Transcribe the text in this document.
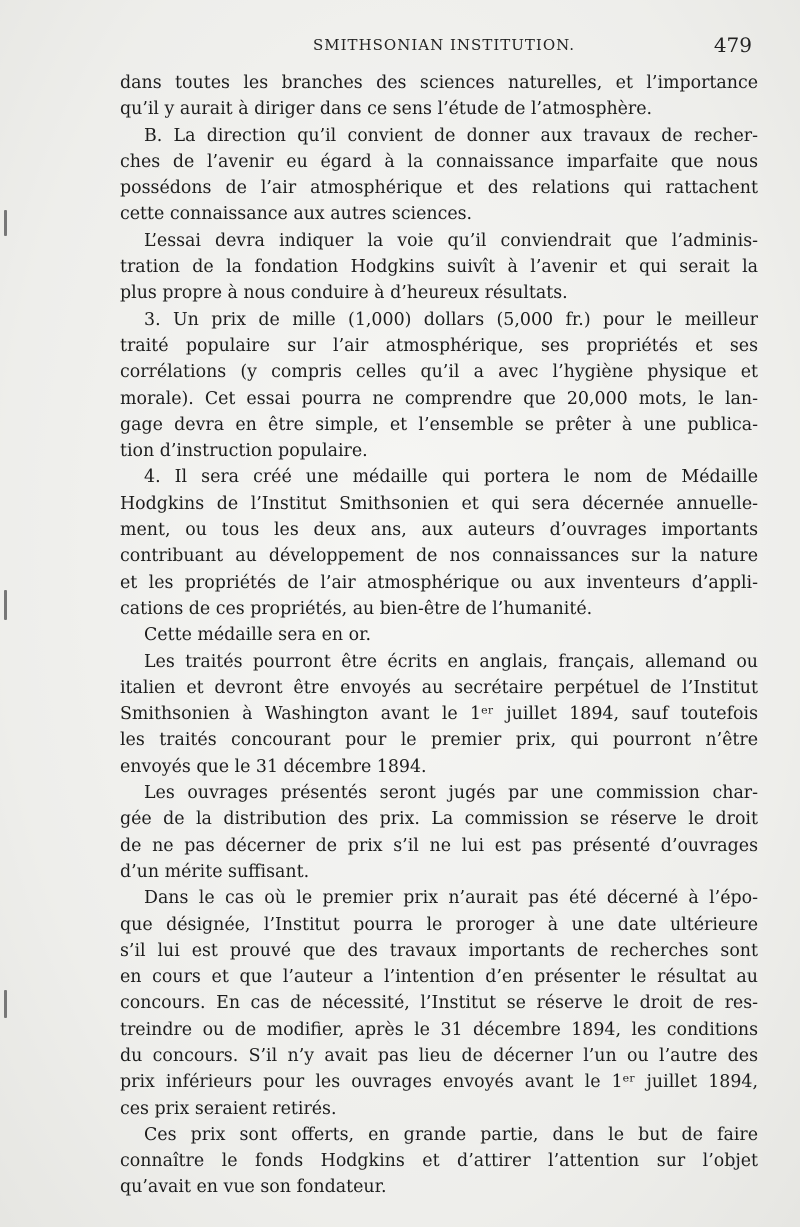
SMITHSONIAN INSTITUTION.	479
dans toutes les branches des sciences naturelles, et l’importance
qu’il y aurait à diriger dans ce sens l’étude de l’atmosphère.
B. La direction qu’il convient de donner aux travaux de recher-
ches de l’avenir eu égard à la connaissance imparfaite que nous
possédons de l’air atmosphérique et des relations qui rattachent
cette connaissance aux autres sciences.
L’essai devra indiquer la voie qu’il conviendrait que l’adminis-
tration de la fondation Hodgkins suivît à l’avenir et qui serait la
plus propre à nous conduire à d’heureux résultats.
3. Un prix de mille (1,000) dollars (5,000 fr.) pour le meilleur
traité populaire sur l’air atmosphérique, ses propriétés et ses
corrélations (y compris celles qu’il a avec l’hygiène physique et
morale). Cet essai pourra ne comprendre que 20,000 mots, le lan-
gage devra en être simple, et l’ensemble se prêter à une publica-
tion d’instruction populaire.
4. Il sera créé une médaille qui portera le nom de Médaille
Hodgkins de l’Institut Smithsonien et qui sera décernée annuelle-
ment, ou tous les deux ans, aux auteurs d’ouvrages importants
contribuant au développement de nos connaissances sur la nature
et les propriétés de l’air atmosphérique ou aux inventeurs d’appli-
cations de ces propriétés, au bien-être de l’humanité.
Cette médaille sera en or.
Les traités pourront être écrits en anglais, français, allemand ou
italien et devront être envoyés au secrétaire perpétuel de l’Institut
Smithsonien à Washington avant le 1ᵉʳ juillet 1894, sauf toutefois
les traités concourant pour le premier prix, qui pourront n’être
envoyés que le 31 décembre 1894.
Les ouvrages présentés seront jugés par une commission char-
gée de la distribution des prix. La commission se réserve le droit
de ne pas décerner de prix s’il ne lui est pas présenté d’ouvrages
d’un mérite suffisant.
Dans le cas où le premier prix n’aurait pas été décerné à l’épo-
que désignée, l’Institut pourra le proroger à une date ultérieure
s’il lui est prouvé que des travaux importants de recherches sont
en cours et que l’auteur a l’intention d’en présenter le résultat au
concours. En cas de nécessité, l’Institut se réserve le droit de res-
treindre ou de modifier, après le 31 décembre 1894, les conditions
du concours. S’il n’y avait pas lieu de décerner l’un ou l’autre des
prix inférieurs pour les ouvrages envoyés avant le 1ᵉʳ juillet 1894,
ces prix seraient retirés.
Ces prix sont offerts, en grande partie, dans le but de faire
connaître le fonds Hodgkins et d’attirer l’attention sur l’objet
qu’avait en vue son fondateur.
